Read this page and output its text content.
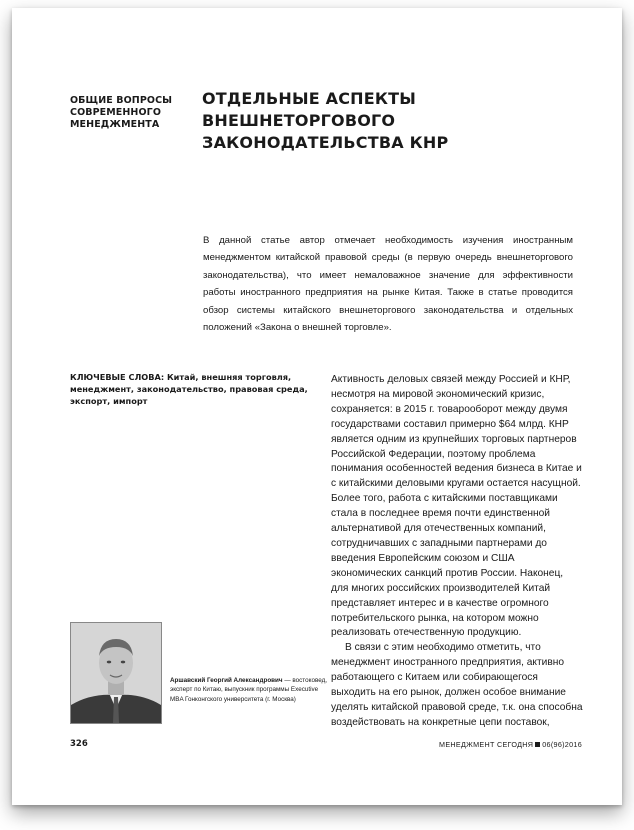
ОБЩИЕ ВОПРОСЫ СОВРЕМЕННОГО МЕНЕДЖМЕНТА
ОТДЕЛЬНЫЕ АСПЕКТЫ ВНЕШНЕТОРГОВОГО ЗАКОНОДАТЕЛЬСТВА КНР
В данной статье автор отмечает необходимость изучения иностранным менеджментом китайской правовой среды (в первую очередь внешнеторгового законодательства), что имеет немаловажное значение для эффективности работы иностранного предприятия на рынке Китая. Также в статье проводится обзор системы китайского внешнеторгового законодательства и отдельных положений «Закона о внешней торговле».
КЛЮЧЕВЫЕ СЛОВА: Китай, внешняя торговля, менеджмент, законодательство, правовая среда, экспорт, импорт

Активность деловых связей между Россией и КНР, несмотря на мировой экономический кризис, сохраняется: в 2015 г. товарооборот между двумя государствами составил примерно $64 млрд. КНР является одним из крупнейших торговых партнеров Российской Федерации, поэтому проблема понимания особенностей ведения бизнеса в Китае и с китайскими деловыми кругами остается насущной. Более того, работа с китайскими поставщиками стала в последнее время почти единственной альтернативой для отечественных компаний, сотрудничавших с западными партнерами до введения Европейским союзом и США экономических санкций против России. Наконец, для многих российских производителей Китай представляет интерес и в качестве огромного потребительского рынка, на котором можно реализовать отечественную продукцию.

В связи с этим необходимо отметить, что менеджмент иностранного предприятия, активно работающего с Китаем или собирающегося выходить на его рынок, должен особое внимание уделять китайской правовой среде, т.к. она способна воздействовать на конкретные цепи поставок,

Аршавский Георгий Александрович — востоковед, эксперт по Китаю, выпускник программы Executive MBA Гонконгского университета (г. Москва)
326	МЕНЕДЖМЕНТ СЕГОДНЯ 06(96)2016
